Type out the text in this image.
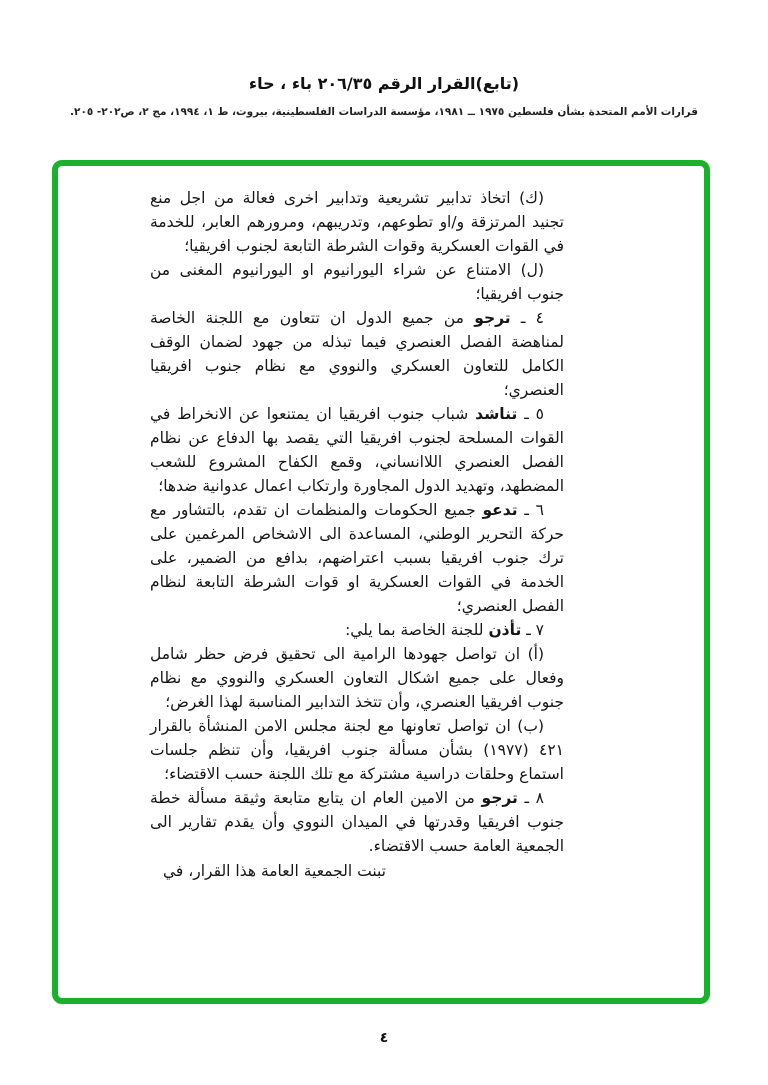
(تابع)القرار الرقم ٢٠٦/٣٥ باء ، حاء
قرارات الأمم المتحدة بشأن فلسطين ١٩٧٥ ــ ١٩٨١، مؤسسة الدراسات الفلسطينية، بيروت، ط ١، ١٩٩٤، مج ٢، ص٢٠٢- ٢٠٥.

(ك) اتخاذ تدابير تشريعية وتدابير اخرى فعالة من اجل منع تجنيد المرتزقة و/او تطوعهم، وتدريبهم، ومرورهم العابر، للخدمة في القوات العسكرية وقوات الشرطة التابعة لجنوب افريقيا؛

(ل) الامتناع عن شراء اليورانيوم او اليورانيوم المغنى من جنوب افريقيا؛

٤ ـ ترجو من جميع الدول ان تتعاون مع اللجنة الخاصة لمناهضة الفصل العنصري فيما تبذله من جهود لضمان الوقف الكامل للتعاون العسكري والنووي مع نظام جنوب افريقيا العنصري؛

٥ ـ تناشد شباب جنوب افريقيا ان يمتنعوا عن الانخراط في القوات المسلحة لجنوب افريقيا التي يقصد بها الدفاع عن نظام الفصل العنصري اللاانساني، وقمع الكفاح المشروع للشعب المضطهد، وتهديد الدول المجاورة وارتكاب اعمال عدوانية ضدها؛

٦ ـ تدعو جميع الحكومات والمنظمات ان تقدم، بالتشاور مع حركة التحرير الوطني، المساعدة الى الاشخاص المرغمين على ترك جنوب افريقيا بسبب اعتراضهم، بدافع من الضمير، على الخدمة في القوات العسكرية او قوات الشرطة التابعة لنظام الفصل العنصري؛

٧ ـ تأذن للجنة الخاصة بما يلي:

(أ) ان تواصل جهودها الرامية الى تحقيق فرض حظر شامل وفعال على جميع اشكال التعاون العسكري والنووي مع نظام جنوب افريقيا العنصري، وأن تتخذ التدابير المناسبة لهذا الغرض؛

(ب) ان تواصل تعاونها مع لجنة مجلس الامن المنشأة بالقرار ٤٢١ (١٩٧٧) بشأن مسألة جنوب افريقيا، وأن تنظم جلسات استماع وحلقات دراسية مشتركة مع تلك اللجنة حسب الاقتضاء؛

٨ ـ ترجو من الامين العام ان يتابع متابعة وثيقة مسألة خطة جنوب افريقيا وقدرتها في الميدان النووي وأن يقدم تقارير الى الجمعية العامة حسب الاقتضاء.

تبنت الجمعية العامة هذا القرار، في
٤
